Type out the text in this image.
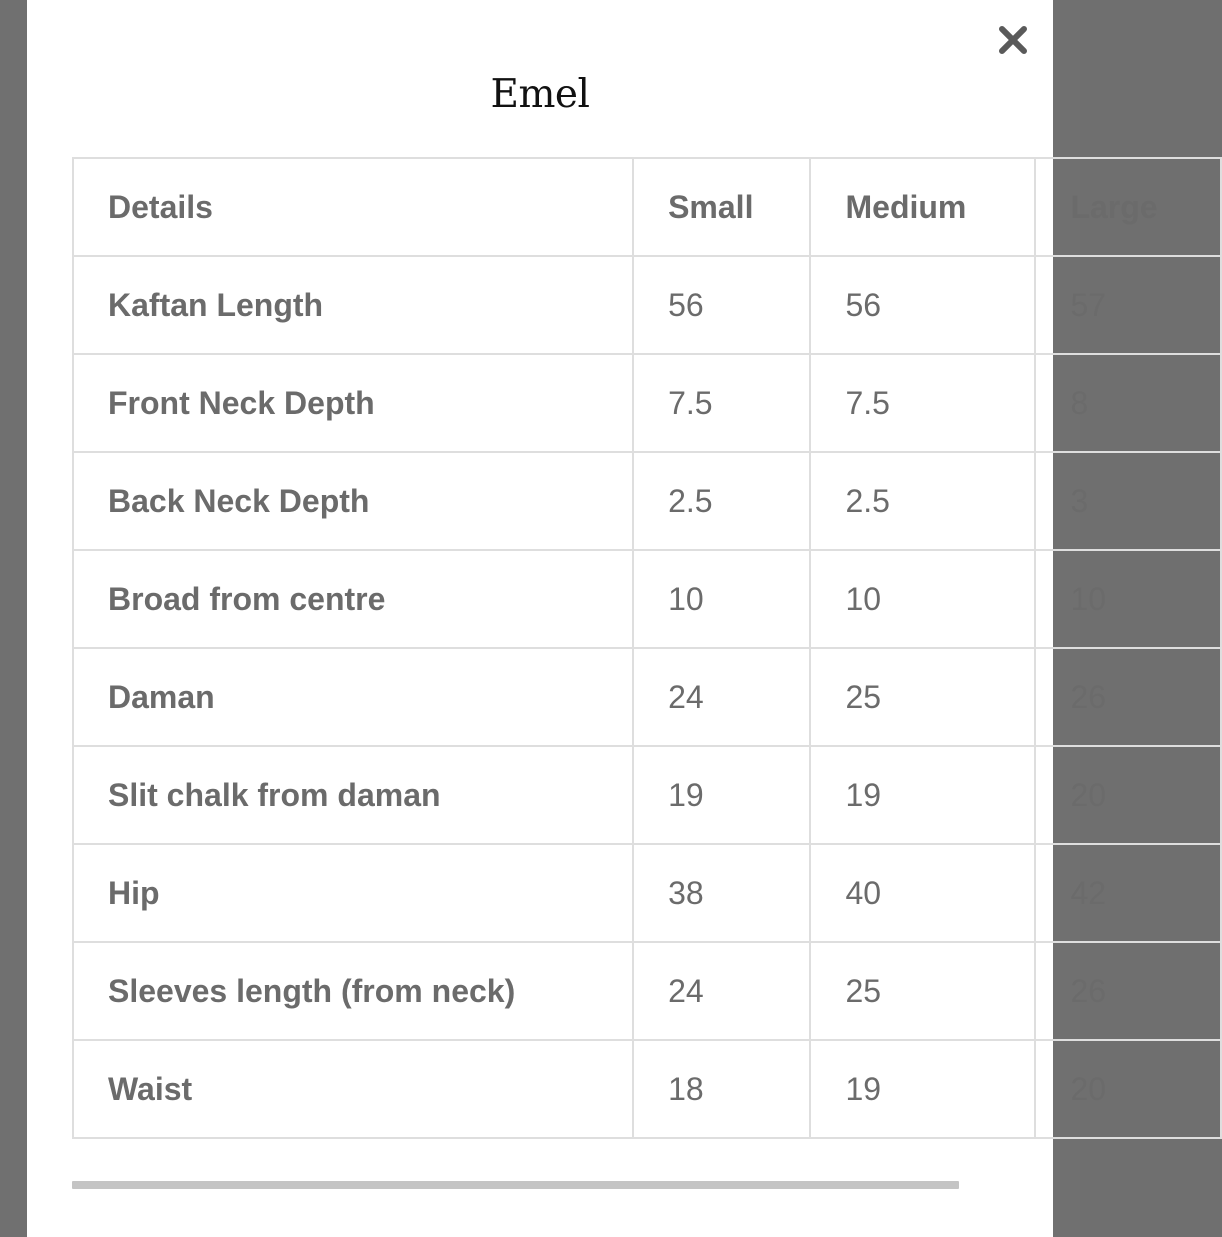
Emel
Details	Small	Medium	Large
Kaftan Length	56	56	57
Front Neck Depth	7.5	7.5	8
Back Neck Depth	2.5	2.5	3
Broad from centre	10	10	10
Daman	24	25	26
Slit chalk from daman	19	19	20
Hip	38	40	42
Sleeves length (from neck)	24	25	26
Waist	18	19	20
